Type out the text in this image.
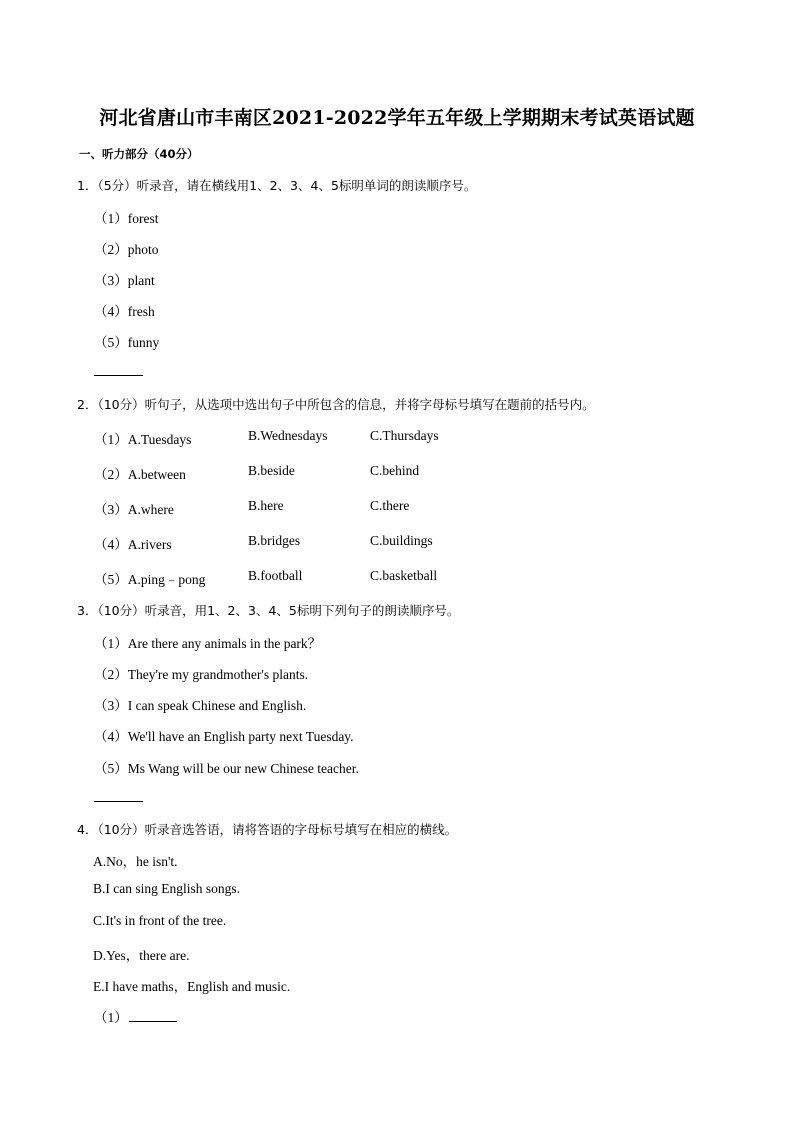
河北省唐山市丰南区2021-2022学年五年级上学期期末考试英语试题
一、听力部分（40分）
1．（5分）听录音，请在横线用1、2、3、4、5标明单词的朗读顺序号。
（1）forest
（2）photo
（3）plant
（4）fresh
（5）funny
2．（10分）听句子，从选项中选出句子中所包含的信息，并将字母标号填写在题前的括号内。
（1）A.Tuesdays	B.Wednesdays	C.Thursdays
（2）A.between	B.beside	C.behind
（3）A.where	B.here	C.there
（4）A.rivers	B.bridges	C.buildings
（5）A.ping﹣pong	B.football	C.basketball
3．（10分）听录音，用1、2、3、4、5标明下列句子的朗读顺序号。
（1）Are there any animals in the park？
（2）They're my grandmother's plants.
（3）I can speak Chinese and English.
（4）We'll have an English party next Tuesday.
（5）Ms Wang will be our new Chinese teacher.
4．（10分）听录音选答语，请将答语的字母标号填写在相应的横线。
A.No，he isn't.
B.I can sing English songs.
C.It's in front of the tree.
D.Yes，there are.
E.I have maths，English and music.
（1）
